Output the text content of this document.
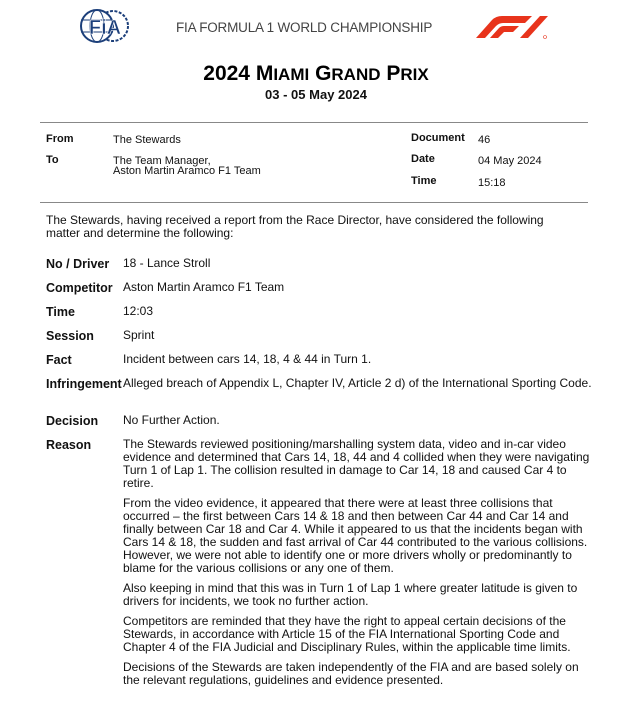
FiA	FIA FORMULA 1 WORLD CHAMPIONSHIP
2024 MIAMI GRAND PRIX
03 - 05 May 2024
From	The Stewards
To	The Team Manager,
Aston Martin Aramco F1 Team
Document 46
Date	04 May 2024
Time	15:18
The Stewards, having received a report from the Race Director, have considered the following matter and determine the following:
No / Driver	18 - Lance Stroll
Competitor Aston Martin Aramco F1 Team
Time	12:03
Session	Sprint
Fact	Incident between cars 14, 18, 4 & 44 in Turn 1.
Infringement Alleged breach of Appendix L, Chapter IV, Article 2 d) of the International Sporting Code.
Decision	No Further Action.
Reason	The Stewards reviewed positioning/marshalling system data, video and in-car video evidence and determined that Cars 14, 18, 44 and 4 collided when they were navigating Turn 1 of Lap 1. The collision resulted in damage to Car 14, 18 and caused Car 4 to retire.

From the video evidence, it appeared that there were at least three collisions that occurred – the first between Cars 14 & 18 and then between Car 44 and Car 14 and finally between Car 18 and Car 4. While it appeared to us that the incidents began with Cars 14 & 18, the sudden and fast arrival of Car 44 contributed to the various collisions. However, we were not able to identify one or more drivers wholly or predominantly to blame for the various collisions or any one of them.

Also keeping in mind that this was in Turn 1 of Lap 1 where greater latitude is given to drivers for incidents, we took no further action.

Competitors are reminded that they have the right to appeal certain decisions of the Stewards, in accordance with Article 15 of the FIA International Sporting Code and Chapter 4 of the FIA Judicial and Disciplinary Rules, within the applicable time limits.

Decisions of the Stewards are taken independently of the FIA and are based solely on the relevant regulations, guidelines and evidence presented.
